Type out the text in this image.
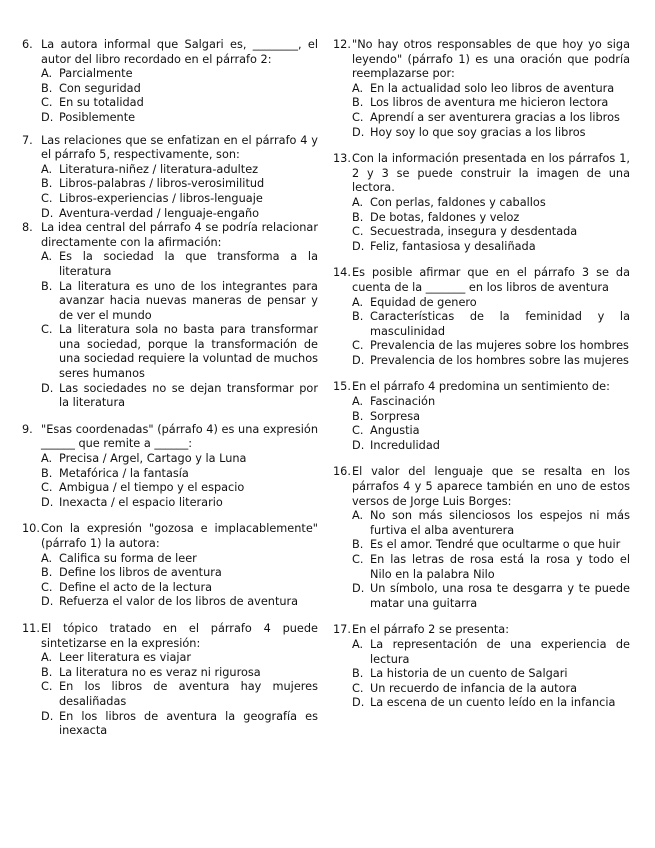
6. La autora informal que Salgari es, ________, el autor del libro recordado en el párrafo 2:
A. Parcialmente
B. Con seguridad
C. En su totalidad
D. Posiblemente
7. Las relaciones que se enfatizan en el párrafo 4 y el párrafo 5, respectivamente, son:
A. Literatura-niñez / literatura-adultez
B. Libros-palabras / libros-verosimilitud
C. Libros-experiencias / libros-lenguaje
D. Aventura-verdad / lenguaje-engaño
8. La idea central del párrafo 4 se podría relacionar directamente con la afirmación:
A. Es la sociedad la que transforma a la literatura
B. La literatura es uno de los integrantes para avanzar hacia nuevas maneras de pensar y de ver el mundo
C. La literatura sola no basta para transformar una sociedad, porque la transformación de una sociedad requiere la voluntad de muchos seres humanos
D. Las sociedades no se dejan transformar por la literatura
9. "Esas coordenadas" (párrafo 4) es una expresión ______ que remite a ______:
A. Precisa / Argel, Cartago y la Luna
B. Metafórica / la fantasía
C. Ambigua / el tiempo y el espacio
D. Inexacta / el espacio literario
10. Con la expresión "gozosa e implacablemente" (párrafo 1) la autora:
A. Califica su forma de leer
B. Define los libros de aventura
C. Define el acto de la lectura
D. Refuerza el valor de los libros de aventura
11. El tópico tratado en el párrafo 4 puede sintetizarse en la expresión:
A. Leer literatura es viajar
B. La literatura no es veraz ni rigurosa
C. En los libros de aventura hay mujeres desaliñadas
D. En los libros de aventura la geografía es inexacta
12. "No hay otros responsables de que hoy yo siga leyendo" (párrafo 1) es una oración que podría reemplazarse por:
A. En la actualidad solo leo libros de aventura
B. Los libros de aventura me hicieron lectora
C. Aprendí a ser aventurera gracias a los libros
D. Hoy soy lo que soy gracias a los libros
13. Con la información presentada en los párrafos 1, 2 y 3 se puede construir la imagen de una lectora.
A. Con perlas, faldones y caballos
B. De botas, faldones y veloz
C. Secuestrada, insegura y desdentada
D. Feliz, fantasiosa y desaliñada
14. Es posible afirmar que en el párrafo 3 se da cuenta de la _______ en los libros de aventura
A. Equidad de genero
B. Características de la feminidad y la masculinidad
C. Prevalencia de las mujeres sobre los hombres
D. Prevalencia de los hombres sobre las mujeres
15. En el párrafo 4 predomina un sentimiento de:
A. Fascinación
B. Sorpresa
C. Angustia
D. Incredulidad
16. El valor del lenguaje que se resalta en los párrafos 4 y 5 aparece también en uno de estos versos de Jorge Luis Borges:
A. No son más silenciosos los espejos ni más furtiva el alba aventurera
B. Es el amor. Tendré que ocultarme o que huir
C. En las letras de rosa está la rosa y todo el Nilo en la palabra Nilo
D. Un símbolo, una rosa te desgarra y te puede matar una guitarra
17. En el párrafo 2 se presenta:
A. La representación de una experiencia de lectura
B. La historia de un cuento de Salgari
C. Un recuerdo de infancia de la autora
D. La escena de un cuento leído en la infancia
